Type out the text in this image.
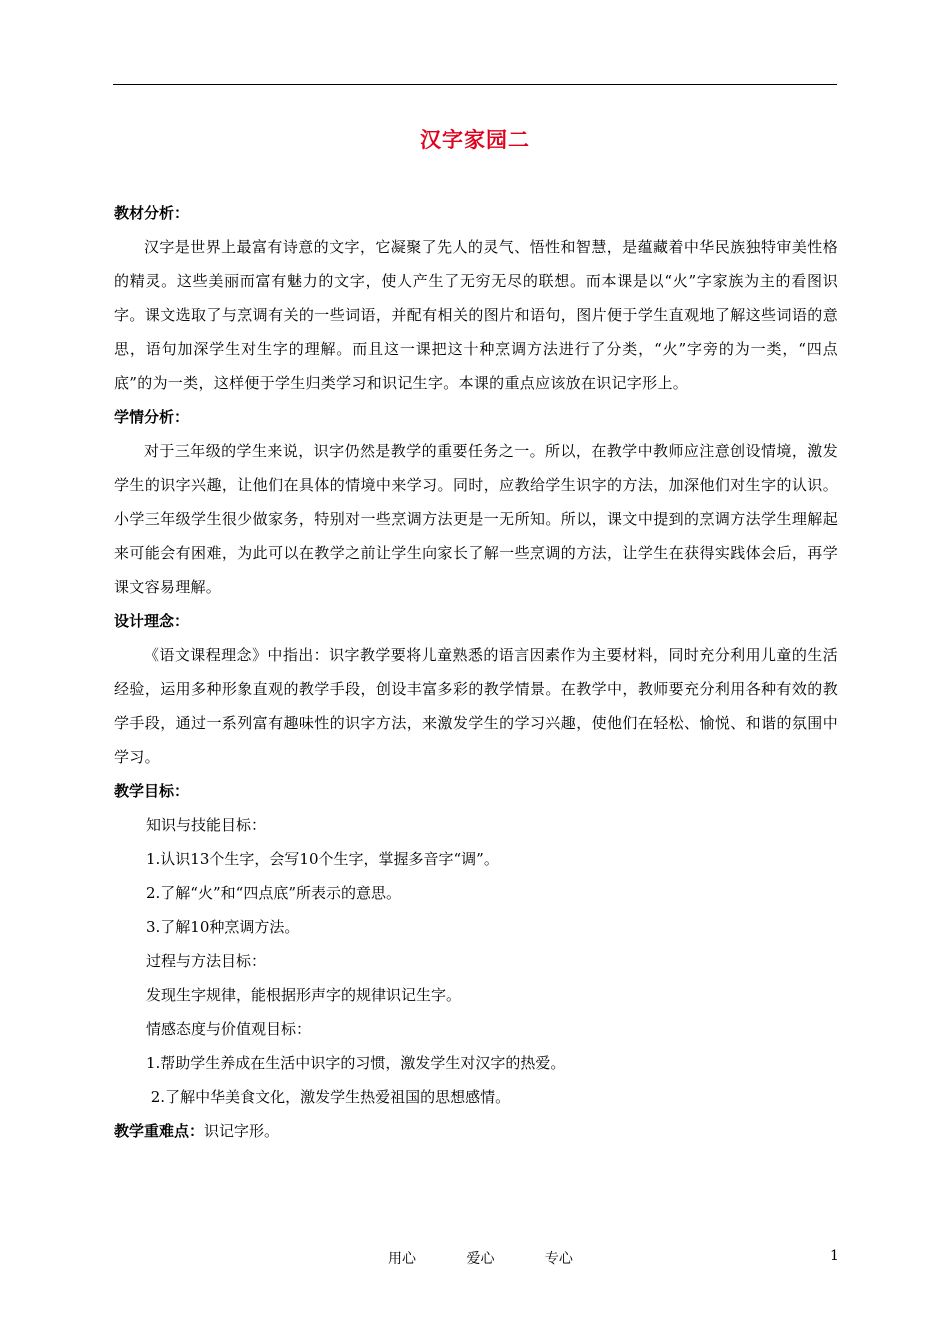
汉字家园二

教材分析：

汉字是世界上最富有诗意的文字，它凝聚了先人的灵气、悟性和智慧，是蕴藏着中华民族独特审美性格的精灵。这些美丽而富有魅力的文字，使人产生了无穷无尽的联想。而本课是以“火”字家族为主的看图识字。课文选取了与烹调有关的一些词语，并配有相关的图片和语句，图片便于学生直观地了解这些词语的意思，语句加深学生对生字的理解。而且这一课把这十种烹调方法进行了分类，“火”字旁的为一类，“四点底”的为一类，这样便于学生归类学习和识记生字。本课的重点应该放在识记字形上。

学情分析：

对于三年级的学生来说，识字仍然是教学的重要任务之一。所以，在教学中教师应注意创设情境，激发学生的识字兴趣，让他们在具体的情境中来学习。同时，应教给学生识字的方法，加深他们对生字的认识。小学三年级学生很少做家务，特别对一些烹调方法更是一无所知。所以，课文中提到的烹调方法学生理解起来可能会有困难，为此可以在教学之前让学生向家长了解一些烹调的方法，让学生在获得实践体会后，再学课文容易理解。

设计理念：

《语文课程理念》中指出：识字教学要将儿童熟悉的语言因素作为主要材料，同时充分利用儿童的生活经验，运用多种形象直观的教学手段，创设丰富多彩的教学情景。在教学中，教师要充分利用各种有效的教学手段，通过一系列富有趣味性的识字方法，来激发学生的学习兴趣，使他们在轻松、愉悦、和谐的氛围中学习。

教学目标：

知识与技能目标：

1.认识13个生字，会写10个生字，掌握多音字“调”。

2.了解“火”和“四点底”所表示的意思。

3.了解10种烹调方法。

过程与方法目标：

发现生字规律，能根据形声字的规律识记生字。

情感态度与价值观目标：

1.帮助学生养成在生活中识字的习惯，激发学生对汉字的热爱。

2.了解中华美食文化，激发学生热爱祖国的思想感情。

教学重难点：识记字形。

用心	爱心	专心	1
